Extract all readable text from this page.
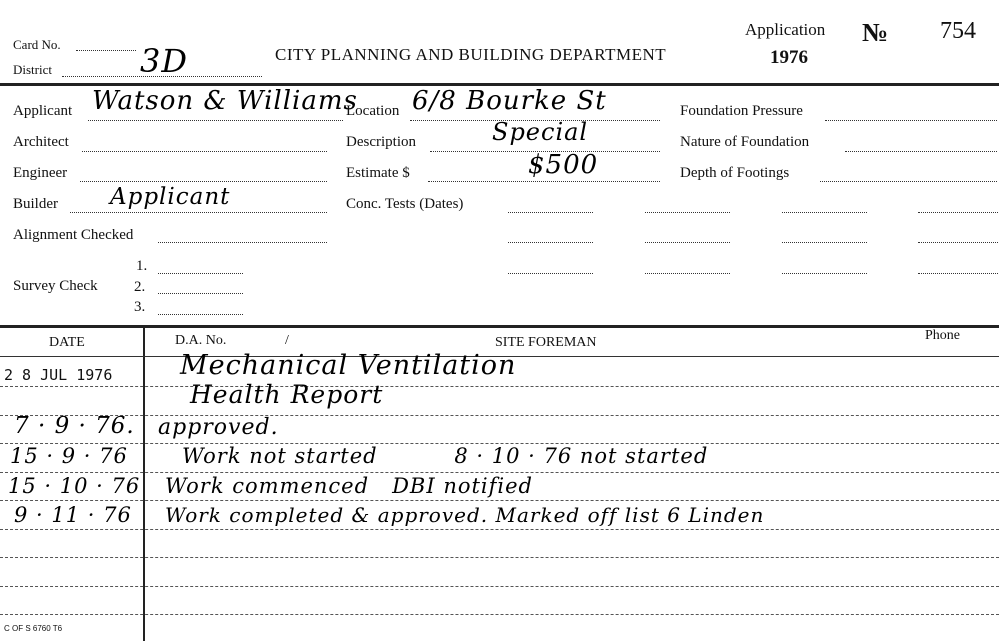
Card No.
District	3D	CITY PLANNING AND BUILDING DEPARTMENT
Application
1976
№ 754
Applicant Watson & Williams
Architect
Engineer
Builder Applicant
Alignment Checked
Survey Check
1.
2.
3.
Location 6/8 Bourke St
Description	Special
Estimate $	$500
Conc. Tests (Dates)
Foundation Pressure
Nature of Foundation
Depth of Footings
DATE	D.A. No.	/	SITE FOREMAN	Phone
2 8 JUL 1976	Mechanical Ventilation
Health Report
7 · 9 · 76. approved.
15 · 9 · 76	Work not started          8 · 10 · 76 not started
15 · 10 · 76 Work commenced   DBI notified
9 · 11 · 76 Work completed & approved. Marked off list 6 Linden
C OF S 6760 T6
